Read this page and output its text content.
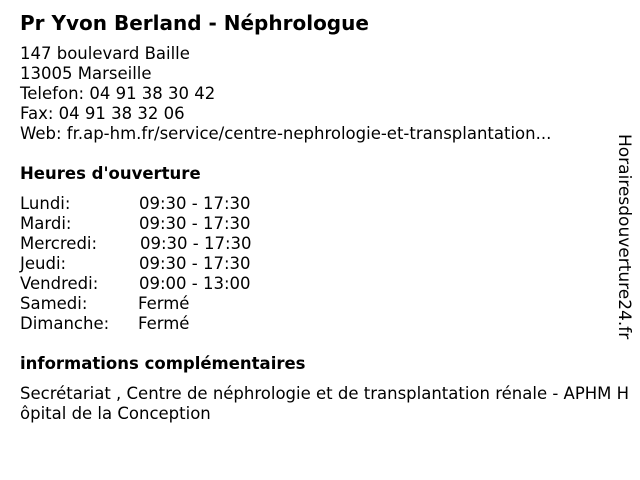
Pr Yvon Berland - Néphrologue
147 boulevard Baille
13005 Marseille
Telefon: 04 91 38 30 42
Fax: 04 91 38 32 06
Web: fr.ap-hm.fr/service/centre-nephrologie-et-transplantation...
Heures d'ouverture
Lundi:	09:30 - 17:30
Mardi:	09:30 - 17:30
Mercredi:	09:30 - 17:30
Jeudi:	09:30 - 17:30
Vendredi: 09:00 - 13:00
Samedi:	Fermé
Dimanche: Fermé
informations complémentaires
Secrétariat , Centre de néphrologie et de transplantation rénale - APHM Hôpital de la Conception
Horairesdouverture24.fr
